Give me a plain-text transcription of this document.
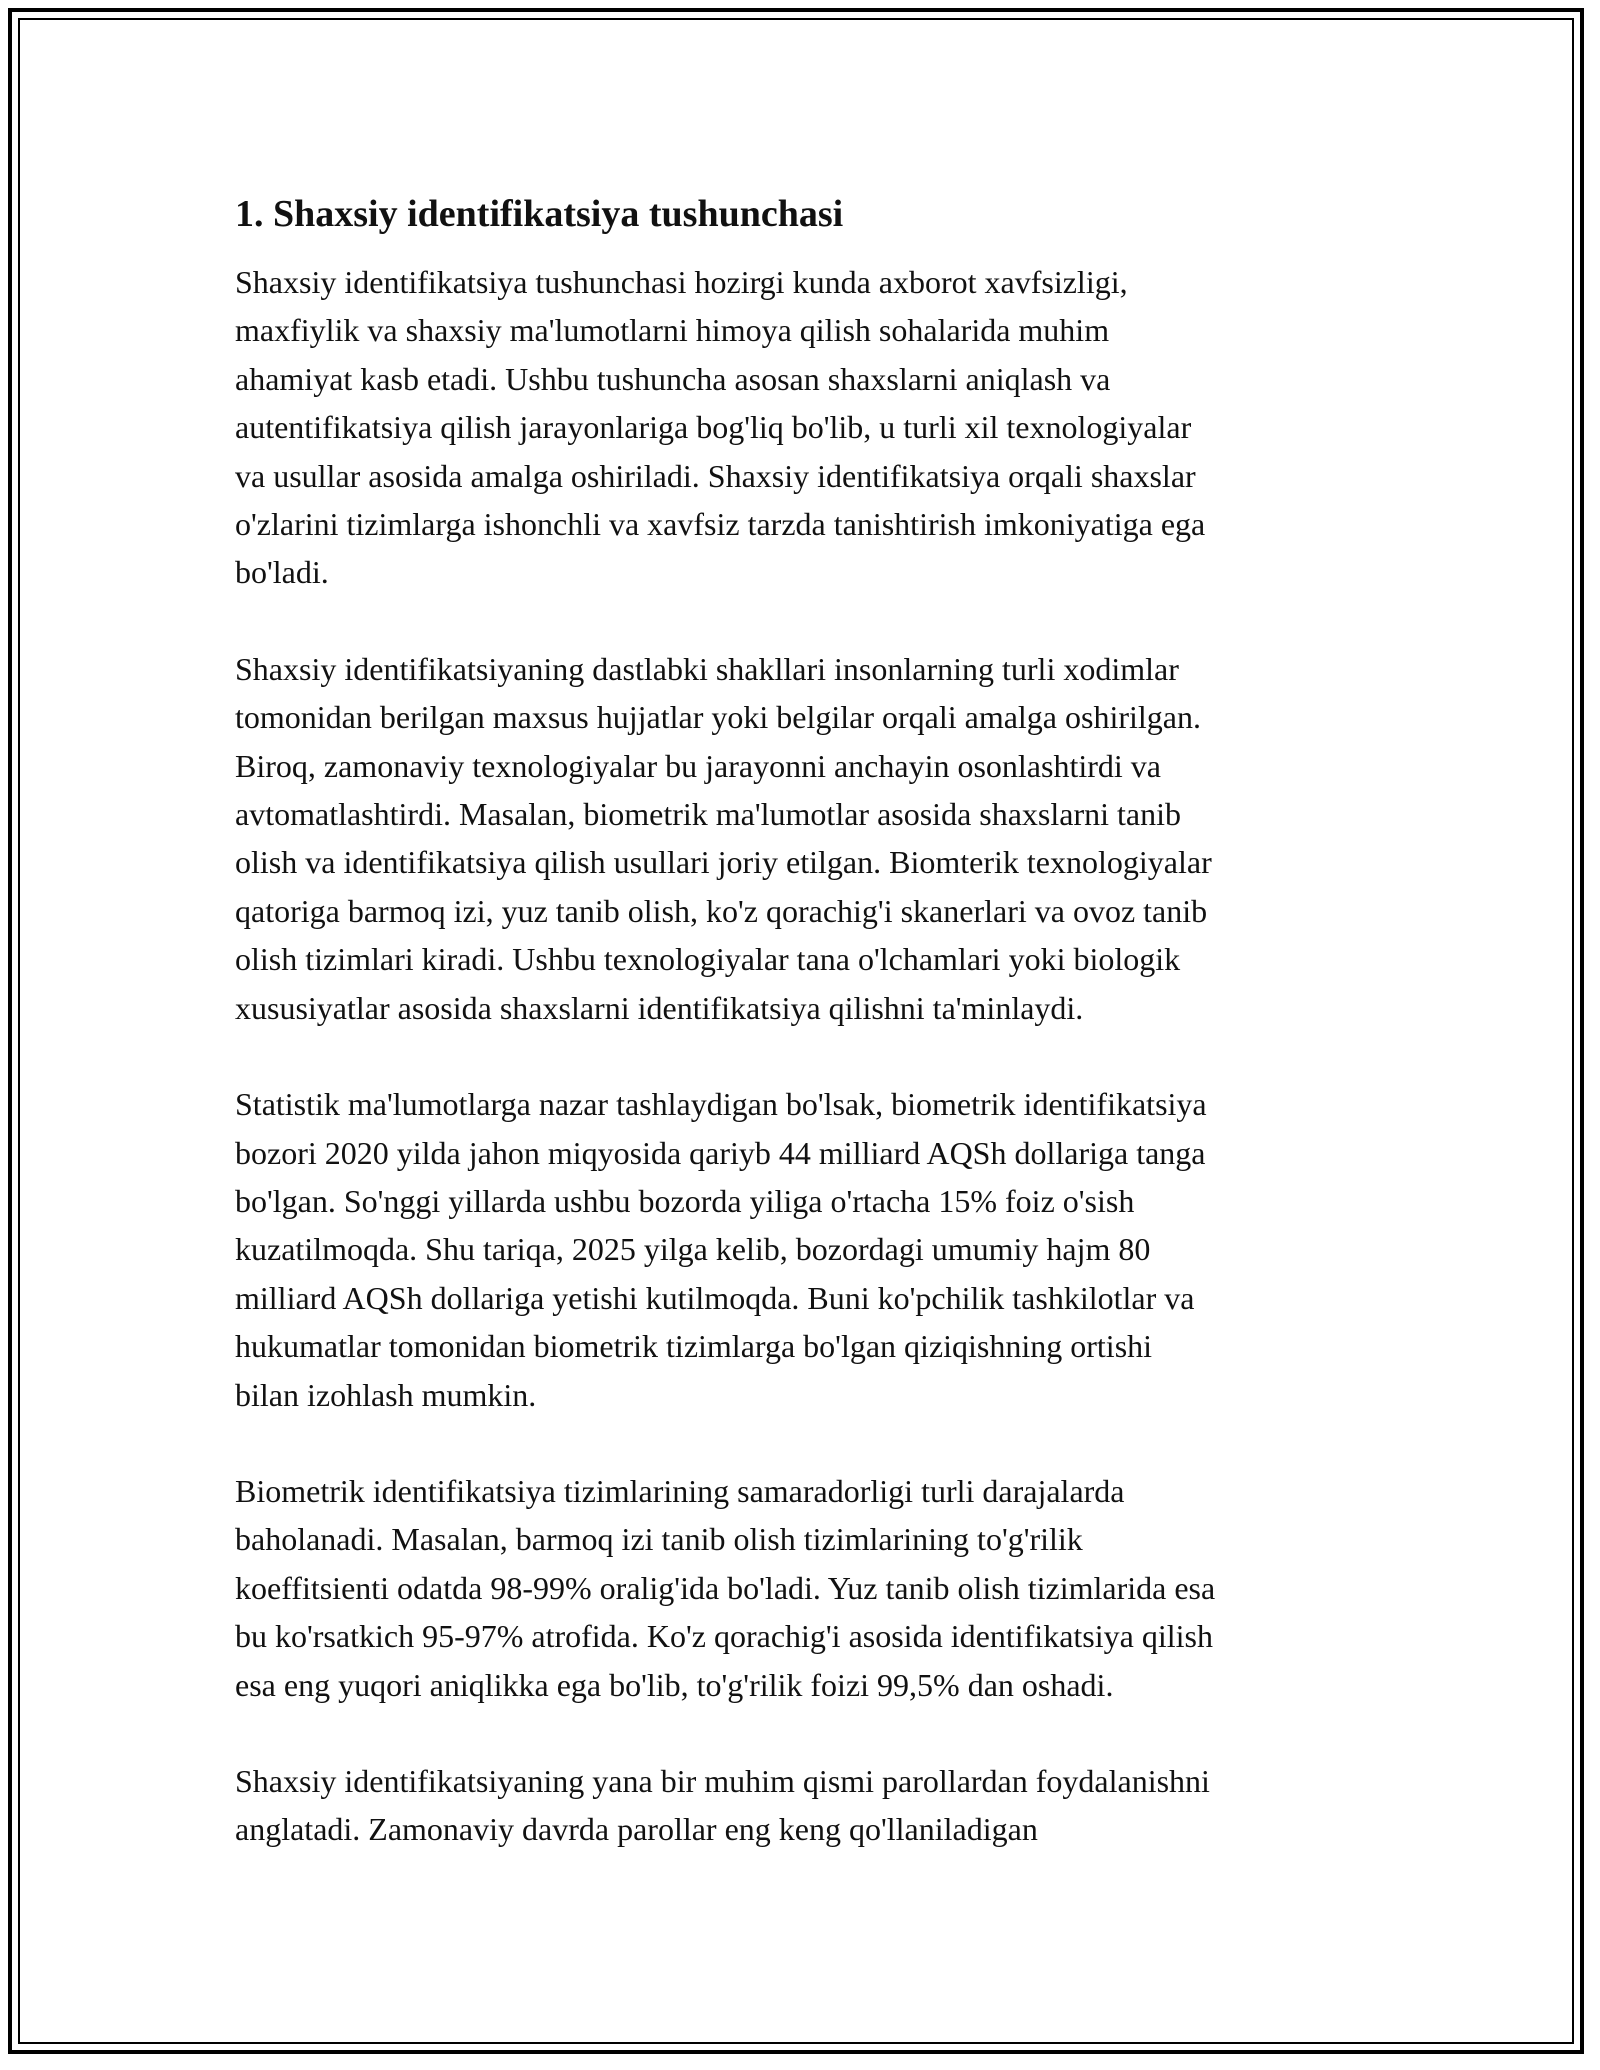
1. Shaxsiy identifikatsiya tushunchasi
Shaxsiy identifikatsiya tushunchasi hozirgi kunda axborot xavfsizligi,
maxfiylik va shaxsiy ma'lumotlarni himoya qilish sohalarida muhim
ahamiyat kasb etadi. Ushbu tushuncha asosan shaxslarni aniqlash va
autentifikatsiya qilish jarayonlariga bog'liq bo'lib, u turli xil texnologiyalar
va usullar asosida amalga oshiriladi. Shaxsiy identifikatsiya orqali shaxslar
o'zlarini tizimlarga ishonchli va xavfsiz tarzda tanishtirish imkoniyatiga ega
bo'ladi.
Shaxsiy identifikatsiyaning dastlabki shakllari insonlarning turli xodimlar
tomonidan berilgan maxsus hujjatlar yoki belgilar orqali amalga oshirilgan.
Biroq, zamonaviy texnologiyalar bu jarayonni anchayin osonlashtirdi va
avtomatlashtirdi. Masalan, biometrik ma'lumotlar asosida shaxslarni tanib
olish va identifikatsiya qilish usullari joriy etilgan. Biomterik texnologiyalar
qatoriga barmoq izi, yuz tanib olish, ko'z qorachig'i skanerlari va ovoz tanib
olish tizimlari kiradi. Ushbu texnologiyalar tana o'lchamlari yoki biologik
xususiyatlar asosida shaxslarni identifikatsiya qilishni ta'minlaydi.
Statistik ma'lumotlarga nazar tashlaydigan bo'lsak, biometrik identifikatsiya
bozori 2020 yilda jahon miqyosida qariyb 44 milliard AQSh dollariga tanga
bo'lgan. So'nggi yillarda ushbu bozorda yiliga o'rtacha 15% foiz o'sish
kuzatilmoqda. Shu tariqa, 2025 yilga kelib, bozordagi umumiy hajm 80
milliard AQSh dollariga yetishi kutilmoqda. Buni ko'pchilik tashkilotlar va
hukumatlar tomonidan biometrik tizimlarga bo'lgan qiziqishning ortishi
bilan izohlash mumkin.
Biometrik identifikatsiya tizimlarining samaradorligi turli darajalarda
baholanadi. Masalan, barmoq izi tanib olish tizimlarining to'g'rilik
koeffitsienti odatda 98-99% oralig'ida bo'ladi. Yuz tanib olish tizimlarida esa
bu ko'rsatkich 95-97% atrofida. Ko'z qorachig'i asosida identifikatsiya qilish
esa eng yuqori aniqlikka ega bo'lib, to'g'rilik foizi 99,5% dan oshadi.
Shaxsiy identifikatsiyaning yana bir muhim qismi parollardan foydalanishni
anglatadi. Zamonaviy davrda parollar eng keng qo'llaniladigan
